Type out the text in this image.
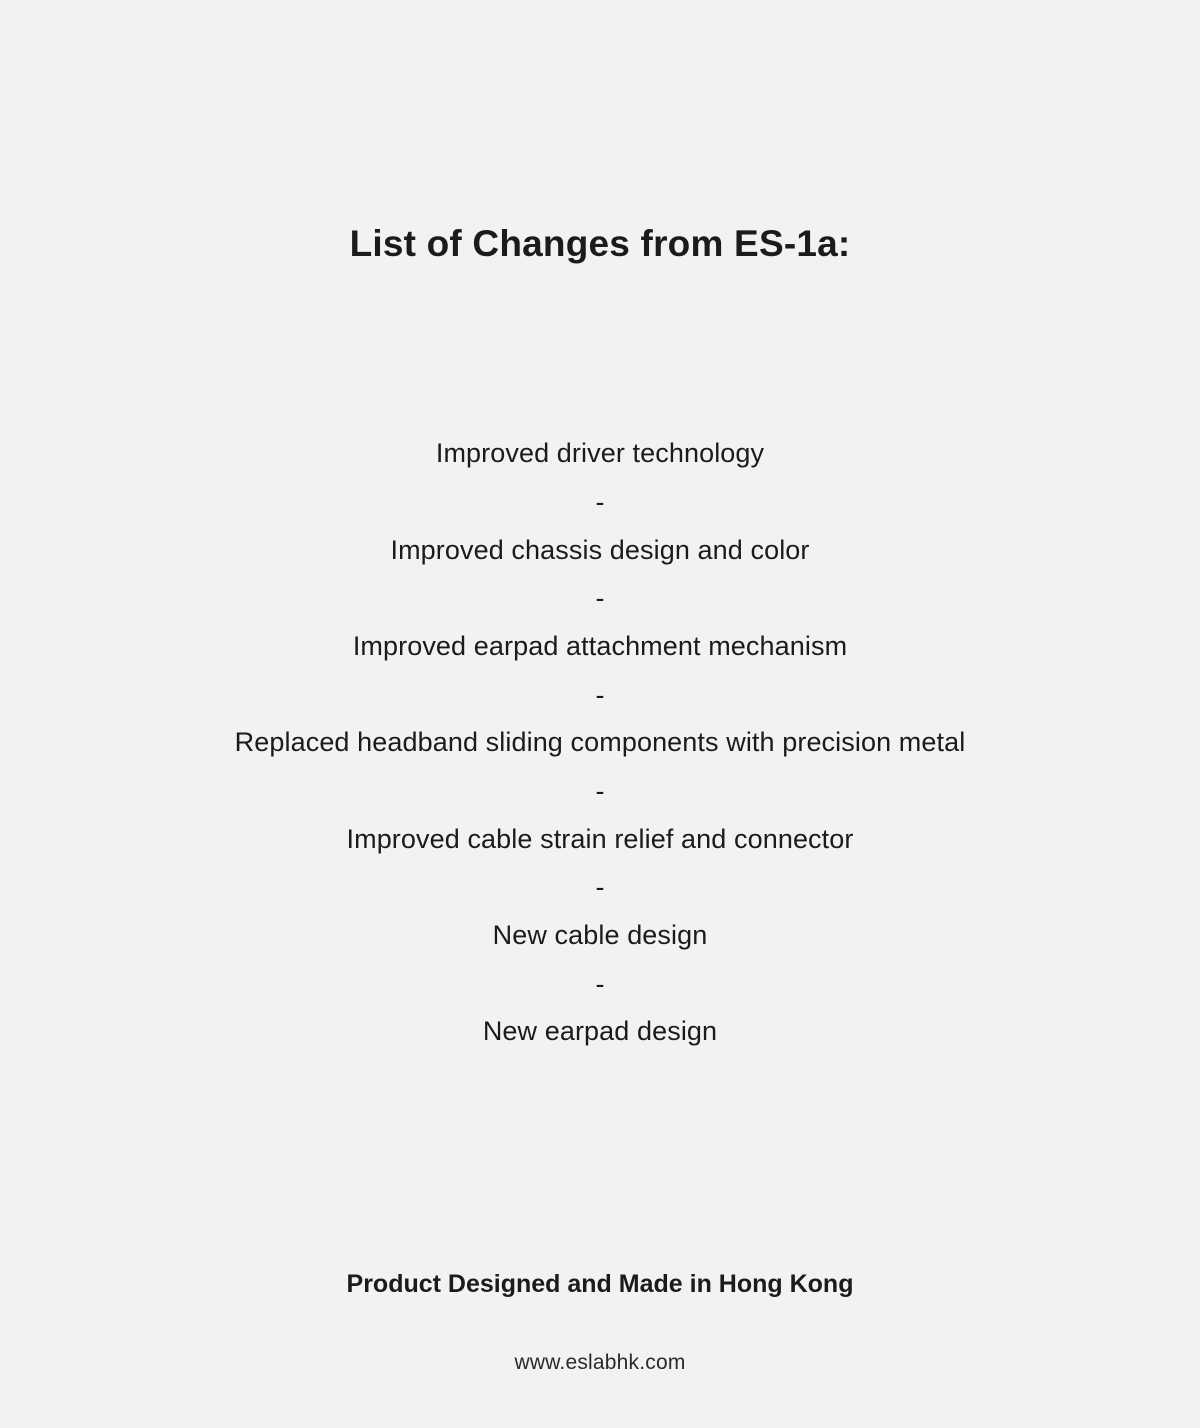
List of Changes from ES-1a:
Improved driver technology
-
Improved chassis design and color
-
Improved earpad attachment mechanism
-
Replaced headband sliding components with precision metal
-
Improved cable strain relief and connector
-
New cable design
-
New earpad design
Product Designed and Made in Hong Kong
www.eslabhk.com
